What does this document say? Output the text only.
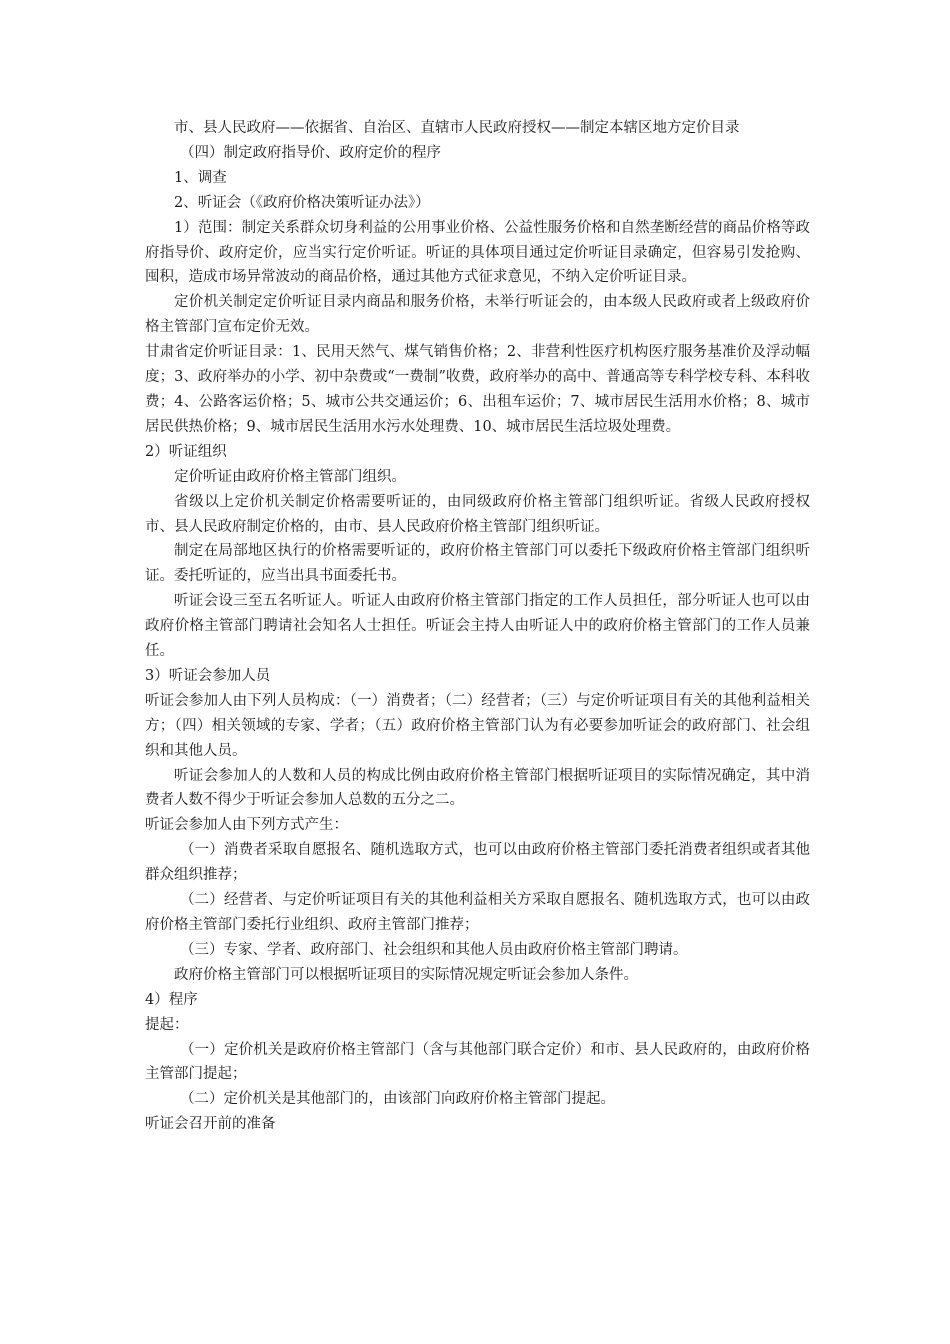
市、县人民政府——依据省、自治区、直辖市人民政府授权——制定本辖区地方定价目录

（四）制定政府指导价、政府定价的程序

1、调查

2、听证会（《政府价格决策听证办法》）

1）范围：制定关系群众切身利益的公用事业价格、公益性服务价格和自然垄断经营的商品价格等政府指导价、政府定价，应当实行定价听证。听证的具体项目通过定价听证目录确定，但容易引发抢购、囤积，造成市场异常波动的商品价格，通过其他方式征求意见，不纳入定价听证目录。

定价机关制定定价听证目录内商品和服务价格，未举行听证会的，由本级人民政府或者上级政府价格主管部门宣布定价无效。

甘肃省定价听证目录：1、民用天然气、煤气销售价格；2、非营利性医疗机构医疗服务基准价及浮动幅度；3、政府举办的小学、初中杂费或“一费制”收费，政府举办的高中、普通高等专科学校专科、本科收费；4、公路客运价格；5、城市公共交通运价；6、出租车运价；7、城市居民生活用水价格；8、城市居民供热价格；9、城市居民生活用水污水处理费、10、城市居民生活垃圾处理费。

2）听证组织

定价听证由政府价格主管部门组织。

省级以上定价机关制定价格需要听证的，由同级政府价格主管部门组织听证。省级人民政府授权市、县人民政府制定价格的，由市、县人民政府价格主管部门组织听证。

制定在局部地区执行的价格需要听证的，政府价格主管部门可以委托下级政府价格主管部门组织听证。委托听证的，应当出具书面委托书。

听证会设三至五名听证人。听证人由政府价格主管部门指定的工作人员担任，部分听证人也可以由政府价格主管部门聘请社会知名人士担任。听证会主持人由听证人中的政府价格主管部门的工作人员兼任。

3）听证会参加人员

听证会参加人由下列人员构成：（一）消费者；（二）经营者；（三）与定价听证项目有关的其他利益相关方；（四）相关领域的专家、学者；（五）政府价格主管部门认为有必要参加听证会的政府部门、社会组织和其他人员。

听证会参加人的人数和人员的构成比例由政府价格主管部门根据听证项目的实际情况确定，其中消费者人数不得少于听证会参加人总数的五分之二。

听证会参加人由下列方式产生：

（一）消费者采取自愿报名、随机选取方式，也可以由政府价格主管部门委托消费者组织或者其他群众组织推荐；

（二）经营者、与定价听证项目有关的其他利益相关方采取自愿报名、随机选取方式，也可以由政府价格主管部门委托行业组织、政府主管部门推荐；

（三）专家、学者、政府部门、社会组织和其他人员由政府价格主管部门聘请。

政府价格主管部门可以根据听证项目的实际情况规定听证会参加人条件。

4）程序

提起：

（一）定价机关是政府价格主管部门（含与其他部门联合定价）和市、县人民政府的，由政府价格主管部门提起；

（二）定价机关是其他部门的，由该部门向政府价格主管部门提起。

听证会召开前的准备
